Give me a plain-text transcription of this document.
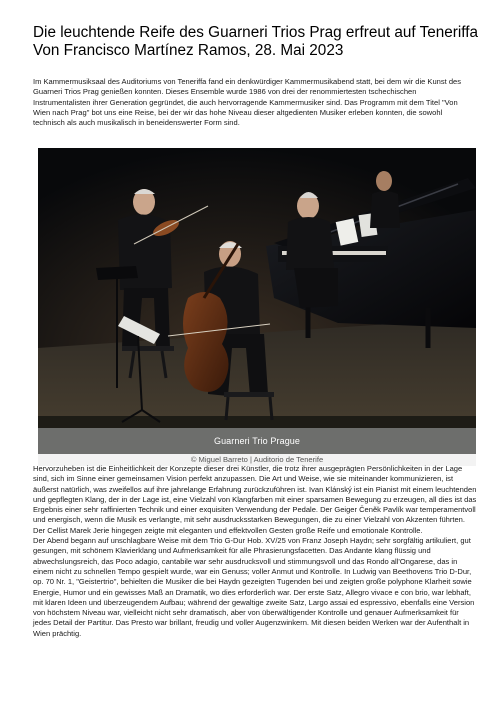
Die leuchtende Reife des Guarneri Trios Prag erfreut auf Teneriffa
Von Francisco Martínez Ramos, 28. Mai 2023

Im Kammermusiksaal des Auditoriums von Teneriffa fand ein denkwürdiger Kammermusikabend statt, bei dem wir die Kunst des Guarneri Trios Prag genießen konnten. Dieses Ensemble wurde 1986 von drei der renommiertesten tschechischen Instrumentalisten ihrer Generation gegründet, die auch hervorragende Kammermusiker sind. Das Programm mit dem Titel "Von Wien nach Prag" bot uns eine Reise, bei der wir das hohe Niveau dieser altgedienten Musiker erleben konnten, die sowohl technisch als auch musikalisch in beneidenswerter Form sind.

Guarneri Trio Prague
© Miguel Barreto | Auditorio de Tenerife

Hervorzuheben ist die Einheitlichkeit der Konzepte dieser drei Künstler, die trotz ihrer ausgeprägten Persönlichkeiten in der Lage sind, sich im Sinne einer gemeinsamen Vision perfekt anzupassen. Die Art und Weise, wie sie miteinander kommunizieren, ist äußerst natürlich, was zweifellos auf ihre jahrelange Erfahrung zurückzuführen ist. Ivan Klánský ist ein Pianist mit einem leuchtenden und gepflegten Klang, der in der Lage ist, eine Vielzahl von Klangfarben mit einer sparsamen Bewegung zu erzeugen, all dies ist das Ergebnis einer sehr raffinierten Technik und einer exquisiten Verwendung der Pedale. Der Geiger Čeněk Pavlík war temperamentvoll und energisch, wenn die Musik es verlangte, mit sehr ausdrucksstarken Bewegungen, die zu einer Vielzahl von Akzenten führten. Der Cellist Marek Jerie hingegen zeigte mit eleganten und effektvollen Gesten große Reife und emotionale Kontrolle.
Der Abend begann auf unschlagbare Weise mit dem Trio G-Dur Hob. XV/25 von Franz Joseph Haydn; sehr sorgfältig artikuliert, gut gesungen, mit schönem Klavierklang und Aufmerksamkeit für alle Phrasierungsfacetten. Das Andante klang flüssig und abwechslungsreich, das Poco adagio, cantabile war sehr ausdrucksvoll und stimmungsvoll und das Rondo all'Ongarese, das in einem nicht zu schnellen Tempo gespielt wurde, war ein Genuss; voller Anmut und Kontrolle. In Ludwig van Beethovens Trio D-Dur, op. 70 Nr. 1, "Geistertrio", behielten die Musiker die bei Haydn gezeigten Tugenden bei und zeigten große polyphone Klarheit sowie Energie, Humor und ein gewisses Maß an Dramatik, wo dies erforderlich war. Der erste Satz, Allegro vivace e con brio, war lebhaft, mit klaren Ideen und überzeugendem Aufbau; während der gewaltige zweite Satz, Largo assai ed espressivo, ebenfalls eine Version von höchstem Niveau war, vielleicht nicht sehr dramatisch, aber von überwältigender Kontrolle und genauer Aufmerksamkeit für jedes Detail der Partitur. Das Presto war brillant, freudig und voller Augenzwinkern. Mit diesen beiden Werken war der Aufenthalt in Wien prächtig.
